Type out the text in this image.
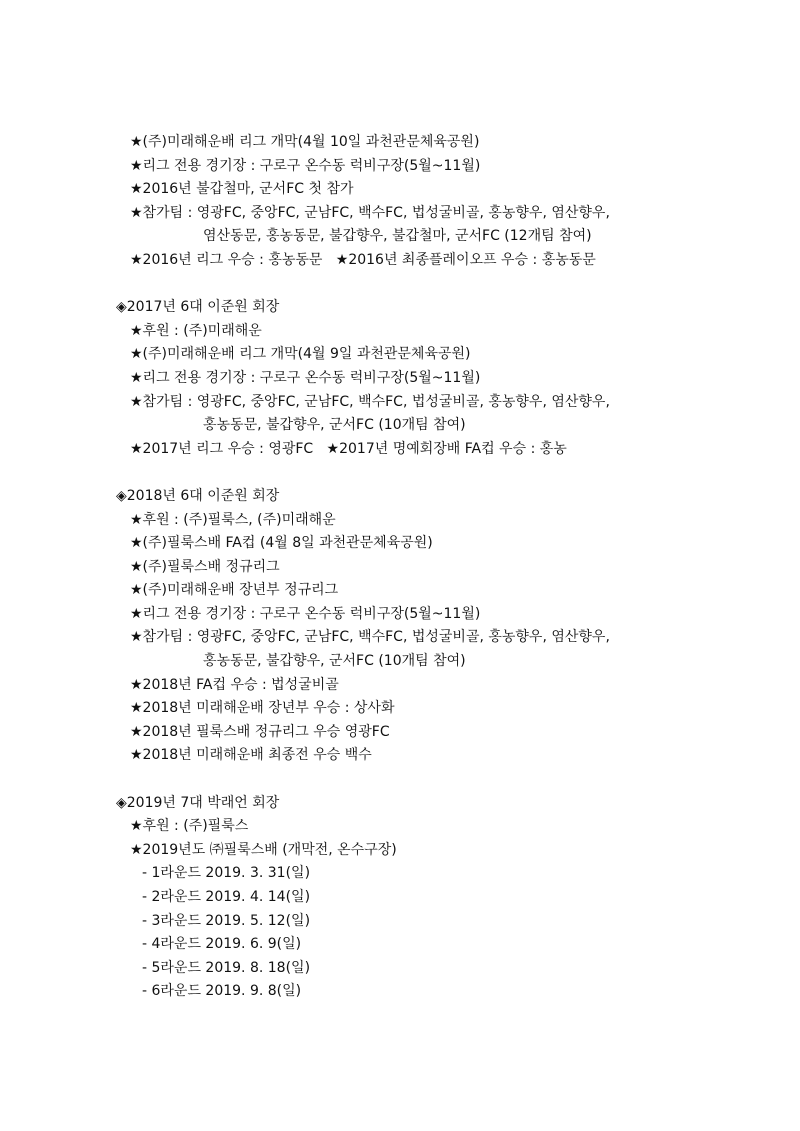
★(주)미래해운배 리그 개막(4월 10일 과천관문체육공원)
★리그 전용 경기장 : 구로구 온수동 럭비구장(5월~11월)
★2016년 불갑철마, 군서FC 첫 참가
★참가팀 : 영광FC, 중앙FC, 군남FC, 백수FC, 법성굴비골, 홍농향우, 염산향우,
염산동문, 홍농동문, 불갑향우, 불갑철마, 군서FC (12개팀 참여)
★2016년 리그 우승 : 홍농동문   ★2016년 최종플레이오프 우승 : 홍농동문
◈2017년 6대 이준원 회장
★후원 : (주)미래해운
★(주)미래해운배 리그 개막(4월 9일 과천관문체육공원)
★리그 전용 경기장 : 구로구 온수동 럭비구장(5월~11월)
★참가팀 : 영광FC, 중앙FC, 군남FC, 백수FC, 법성굴비골, 홍농향우, 염산향우,
홍농동문, 불갑향우, 군서FC (10개팀 참여)
★2017년 리그 우승 : 영광FC   ★2017년 명예회장배 FA컵 우승 : 홍농
◈2018년 6대 이준원 회장
★후원 : (주)필룩스, (주)미래해운
★(주)필룩스배 FA컵 (4월 8일 과천관문체육공원)
★(주)필룩스배 정규리그
★(주)미래해운배 장년부 정규리그
★리그 전용 경기장 : 구로구 온수동 럭비구장(5월~11월)
★참가팀 : 영광FC, 중앙FC, 군남FC, 백수FC, 법성굴비골, 홍농향우, 염산향우,
홍농동문, 불갑향우, 군서FC (10개팀 참여)
★2018년 FA컵 우승 : 법성굴비골
★2018년 미래해운배 장년부 우승 : 상사화
★2018년 필룩스배 정규리그 우승 영광FC
★2018년 미래해운배 최종전 우승 백수
◈2019년 7대 박래언 회장
★후원 : (주)필룩스
★2019년도 ㈜필룩스배 (개막전, 온수구장)
- 1라운드 2019. 3. 31(일)
- 2라운드 2019. 4. 14(일)
- 3라운드 2019. 5. 12(일)
- 4라운드 2019. 6. 9(일)
- 5라운드 2019. 8. 18(일)
- 6라운드 2019. 9. 8(일)
